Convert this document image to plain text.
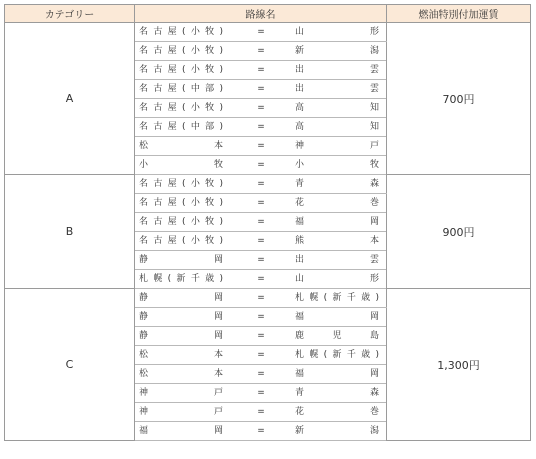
カテゴリー	路線名	燃油特別付加運賃
A	名古屋(小牧) = 山　形	700円

	名古屋(小牧) = 新　潟	

	名古屋(小牧) = 出　雲	

	名古屋(中部) = 出　雲	

	名古屋(小牧) = 高　知	

	名古屋(中部) = 高　知	

	松　本 = 神　戸	

	小　牧 = 小　牧	

B	名古屋(小牧) = 青　森	900円

	名古屋(小牧) = 花　巻	

	名古屋(小牧) = 福　岡	

	名古屋(小牧) = 熊　本	

	静　岡 = 出　雲	

	札幌(新千歳) = 山　形	

C	静　岡 = 札幌(新千歳)	1,300円

	静　岡 = 福　岡	

	静　岡 = 鹿　児　島	

	松　本 = 札幌(新千歳)	

	松　本 = 福　岡	

	神　戸 = 青　森	

	神　戸 = 花　巻	

	福　岡 = 新　潟	
